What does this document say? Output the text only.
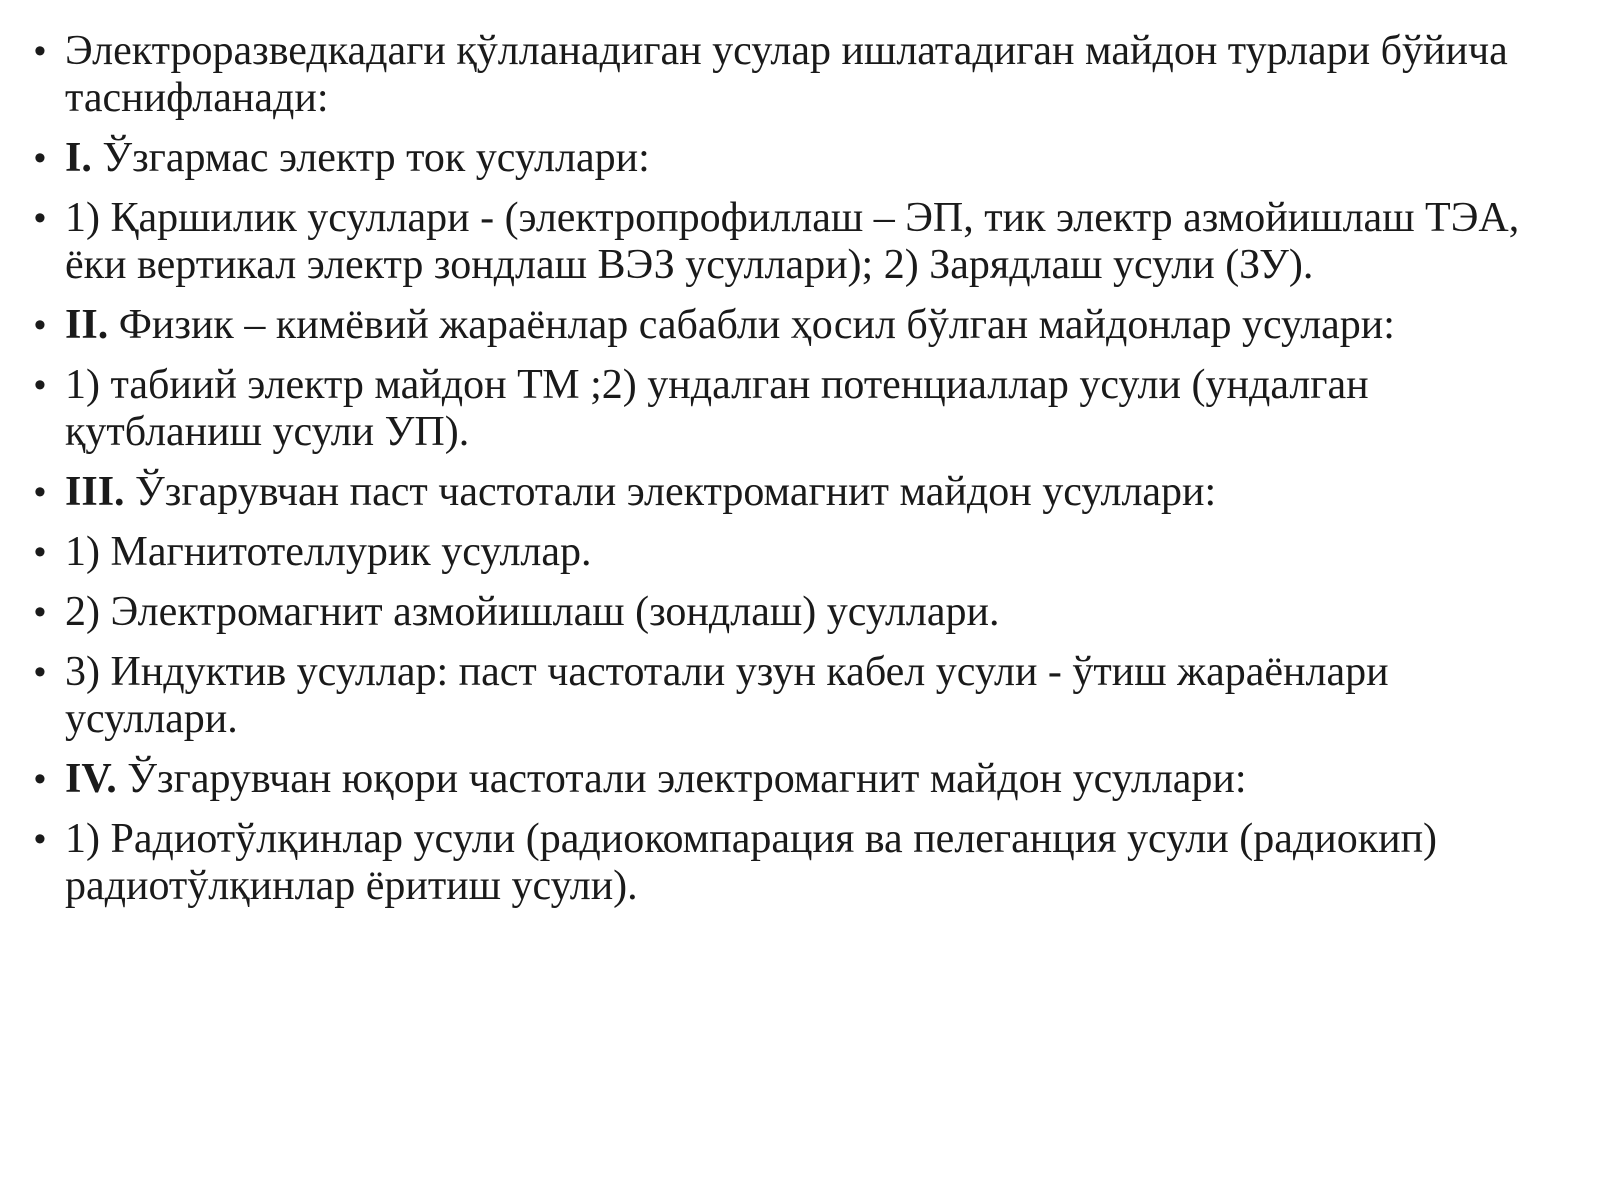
• Электроразведкадаги қўлланадиган усулар ишлатадиган майдон турлари бўйича таснифланади:
• I. Ўзгармас электр ток усуллари:
• 1) Қаршилик усуллари - (электропрофиллаш – ЭП, тик электр азмойишлаш ТЭА, ёки вертикал электр зондлаш ВЭЗ усуллари); 2) Зарядлаш усули (ЗУ).
• II. Физик – кимёвий жараёнлар сабабли ҳосил бўлган майдонлар усулари:
• 1) табиий электр майдон ТМ ;2) ундалган потенциаллар усули (ундалган қутбланиш усули УП).
• III. Ўзгарувчан паст частотали электромагнит майдон усуллари:
• 1) Магнитотеллурик усуллар.
• 2) Электромагнит азмойишлаш (зондлаш) усуллари.
• 3) Индуктив усуллар: паст частотали узун кабел усули - ўтиш жараёнлари усуллари.
• IV. Ўзгарувчан юқори частотали электромагнит майдон усуллари:
• 1) Радиотўлқинлар усули (радиокомпарация ва пелеганция усули (радиокип) радиотўлқинлар ёритиш усули).
